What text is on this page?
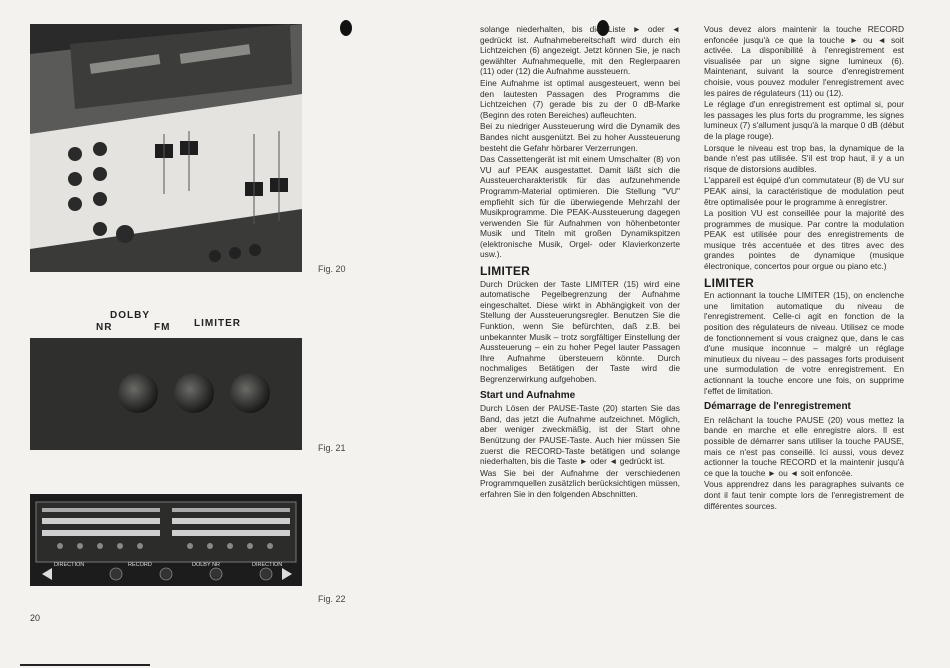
Fig. 20
DOLBY
NR	FM LIMITER
Fig. 21
DIRECTION	RECORD	DOLBY NR	DIRECTION
Fig. 22
20

solange niederhalten, bis die Liste ► oder ◄ gedrückt ist. Aufnahmebereitschaft wird durch ein Lichtzeichen (6) angezeigt. Jetzt können Sie, je nach gewählter Aufnahmequelle, mit den Reglerpaaren (11) oder (12) die Aufnahme aussteuern.

Eine Aufnahme ist optimal ausgesteuert, wenn bei den lautesten Passagen des Programms die Lichtzeichen (7) gerade bis zu der 0 dB-Marke (Beginn des roten Bereiches) aufleuchten.

Bei zu niedriger Aussteuerung wird die Dynamik des Bandes nicht ausgenützt. Bei zu hoher Aussteuerung besteht die Gefahr hörbarer Verzerrungen.

Das Cassettengerät ist mit einem Umschalter (8) von VU auf PEAK ausgestattet. Damit läßt sich die Aussteuercharakteristik für das aufzunehmende Programm-Material optimieren. Die Stellung "VU" empfiehlt sich für die überwiegende Mehrzahl der Musikprogramme. Die PEAK-Aussteuerung dagegen verwenden Sie für Aufnahmen von höhenbetonter Musik und Titeln mit großen Dynamikspitzen (elektronische Musik, Orgel- oder Klavierkonzerte usw.).

LIMITER

Durch Drücken der Taste LIMITER (15) wird eine automatische Pegelbegrenzung der Aufnahme eingeschaltet. Diese wirkt in Abhängigkeit von der Stellung der Aussteuerungsregler. Benutzen Sie die Funktion, wenn Sie befürchten, daß z.B. bei unbekannter Musik – trotz sorgfältiger Einstellung der Aussteuerung – ein zu hoher Pegel lauter Passagen Ihre Aufnahme übersteuern könnte. Durch nochmaliges Betätigen der Taste wird die Begrenzerwirkung aufgehoben.

Start und Aufnahme

Durch Lösen der PAUSE-Taste (20) starten Sie das Band, das jetzt die Aufnahme aufzeichnet. Möglich, aber weniger zweckmäßig, ist der Start ohne Benützung der PAUSE-Taste. Auch hier müssen Sie zuerst die RECORD-Taste betätigen und solange niederhalten, bis die Taste ► oder ◄ gedrückt ist.

Was Sie bei der Aufnahme der verschiedenen Programmquellen zusätzlich berücksichtigen müssen, erfahren Sie in den folgenden Abschnitten.

Vous devez alors maintenir la touche RECORD enfoncée jusqu'à ce que la touche ► ou ◄ soit activée. La disponibilité à l'enregistrement est visualisée par un signe signe lumineux (6). Maintenant, suivant la source d'enregistrement choisie, vous pouvez moduler l'enregistrement avec les paires de régulateurs (11) ou (12).

Le réglage d'un enregistrement est optimal si, pour les passages les plus forts du programme, les signes lumineux (7) s'allument jusqu'à la marque 0 dB (début de la plage rouge).

Lorsque le niveau est trop bas, la dynamique de la bande n'est pas utilisée. S'il est trop haut, il y a un risque de distorsions audibles.

L'appareil est équipé d'un commutateur (8) de VU sur PEAK ainsi, la caractéristique de modulation peut être optimalisée pour le programme à enregistrer.

La position VU est conseillée pour la majorité des programmes de musique. Par contre la modulation PEAK est utilisée pour des enregistrements de musique très accentuée et des titres avec des grandes pointes de dynamique (musique électronique, concertos pour orgue ou piano etc.)

LIMITER

En actionnant la touche LIMITER (15), on enclenche une limitation automatique du niveau de l'enregistrement. Celle-ci agit en fonction de la position des régulateurs de niveau. Utilisez ce mode de fonctionnement si vous craignez que, dans le cas d'une musique inconnue – malgré un réglage minutieux du niveau – des passages forts produisent une surmodulation de votre enregistrement. En actionnant la touche encore une fois, on supprime l'effet de limitation.

Démarrage de l'enregistrement

En relâchant la touche PAUSE (20) vous mettez la bande en marche et elle enregistre alors. Il est possible de démarrer sans utiliser la touche PAUSE, mais ce n'est pas conseillé. Ici aussi, vous devez actionner la touche RECORD et la maintenir jusqu'à ce que la touche ► ou ◄ soit enfoncée.

Vous apprendrez dans les paragraphes suivants ce dont il faut tenir compte lors de l'enregistrement de différentes sources.
